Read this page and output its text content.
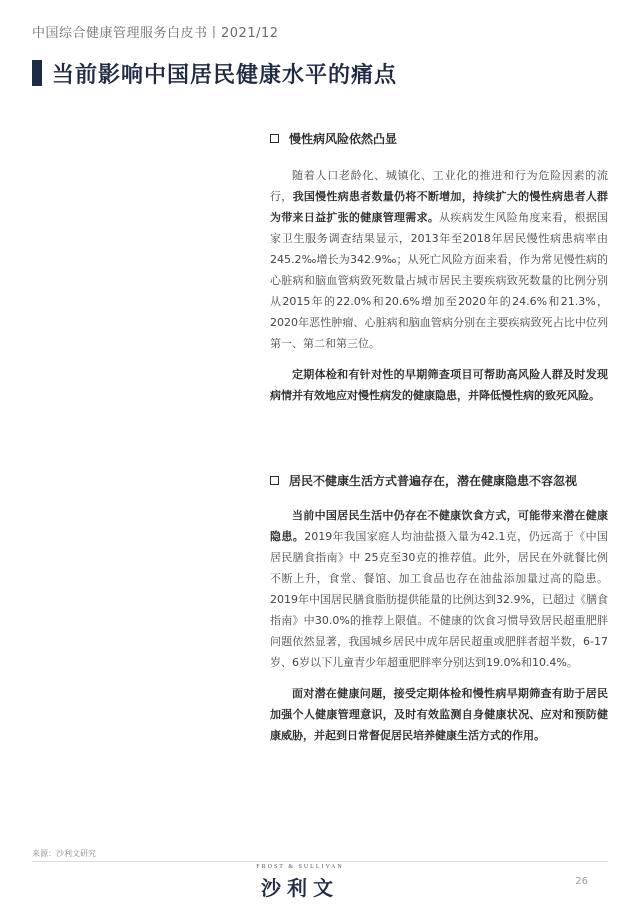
中国综合健康管理服务白皮书丨2021/12
当前影响中国居民健康水平的痛点
慢性病风险依然凸显

随着人口老龄化、城镇化、工业化的推进和行为危险因素的流行，我国慢性病患者数量仍将不断增加，持续扩大的慢性病患者人群为带来日益扩张的健康管理需求。从疾病发生风险角度来看，根据国家卫生服务调查结果显示，2013年至2018年居民慢性病患病率由245.2‰增长为342.9‰；从死亡风险方面来看，作为常见慢性病的心脏病和脑血管病致死数量占城市居民主要疾病致死数量的比例分别从2015年的22.0%和20.6%增加至2020年的24.6%和21.3%，2020年恶性肿瘤、心脏病和脑血管病分别在主要疾病致死占比中位列第一、第二和第三位。

定期体检和有针对性的早期筛查项目可帮助高风险人群及时发现病情并有效地应对慢性病发的健康隐患，并降低慢性病的致死风险。

居民不健康生活方式普遍存在，潜在健康隐患不容忽视

当前中国居民生活中仍存在不健康饮食方式，可能带来潜在健康隐患。2019年我国家庭人均油盐摄入量为42.1克，仍远高于《中国居民膳食指南》中 25克至30克的推荐值。此外，居民在外就餐比例不断上升，食堂、餐馆、加工食品也存在油盐添加量过高的隐患。2019年中国居民膳食脂肪提供能量的比例达到32.9%，已超过《膳食指南》中30.0%的推荐上限值。不健康的饮食习惯导致居民超重肥胖问题依然显著，我国城乡居民中成年居民超重或肥胖者超半数，6-17岁、6岁以下儿童青少年超重肥胖率分别达到19.0%和10.4%。

面对潜在健康问题，接受定期体检和慢性病早期筛查有助于居民加强个人健康管理意识，及时有效监测自身健康状况、应对和预防健康威胁，并起到日常督促居民培养健康生活方式的作用。

来源：沙利文研究
FROST & SULLIVAN
沙利文	26
